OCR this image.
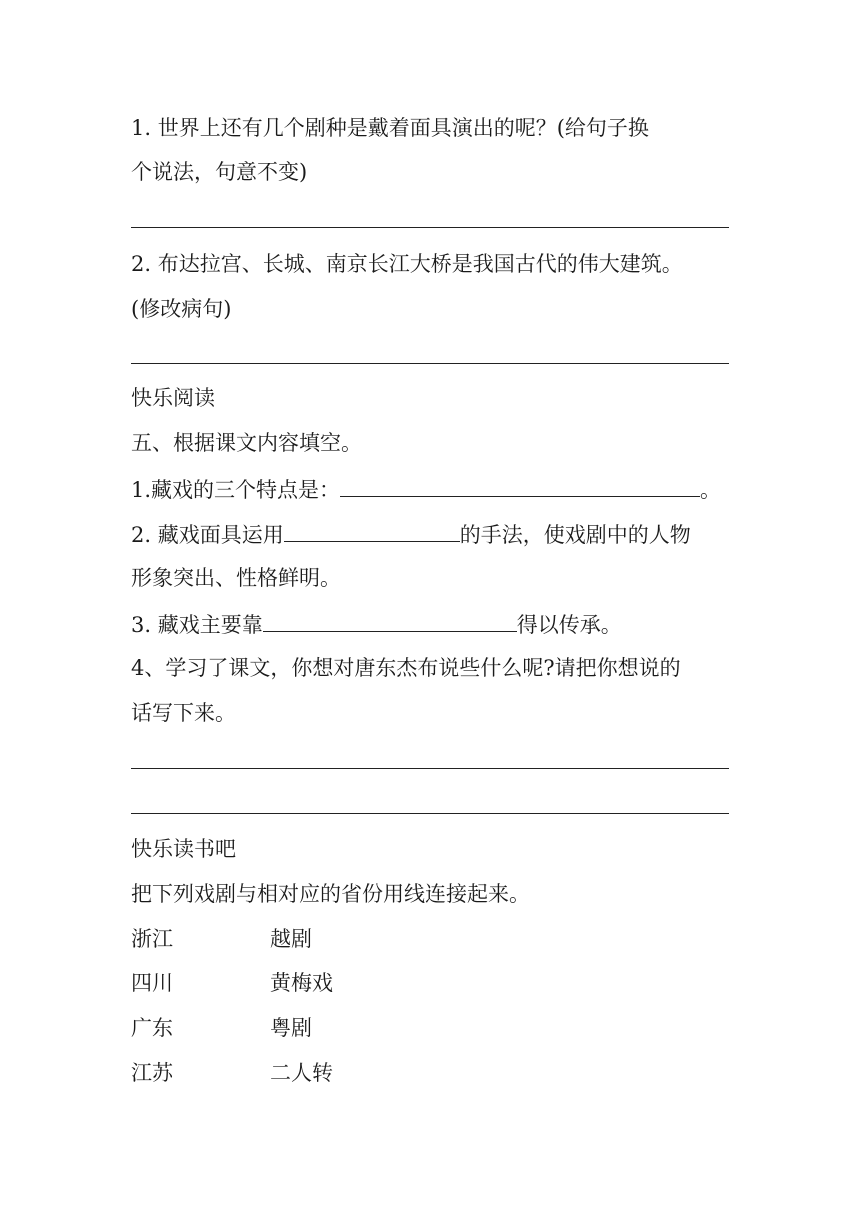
1. 世界上还有几个剧种是戴着面具演出的呢？(给句子换
个说法，句意不变)
2. 布达拉宫、长城、南京长江大桥是我国古代的伟大建筑。
(修改病句)
快乐阅读
五、根据课文内容填空。
1.藏戏的三个特点是：	。
2. 藏戏面具运用	的手法，使戏剧中的人物
形象突出、性格鲜明。
3. 藏戏主要靠	得以传承。
4、学习了课文，你想对唐东杰布说些什么呢?请把你想说的
话写下来。
快乐读书吧
把下列戏剧与相对应的省份用线连接起来。
浙江	越剧
四川	黄梅戏
广东	粤剧
江苏	二人转
